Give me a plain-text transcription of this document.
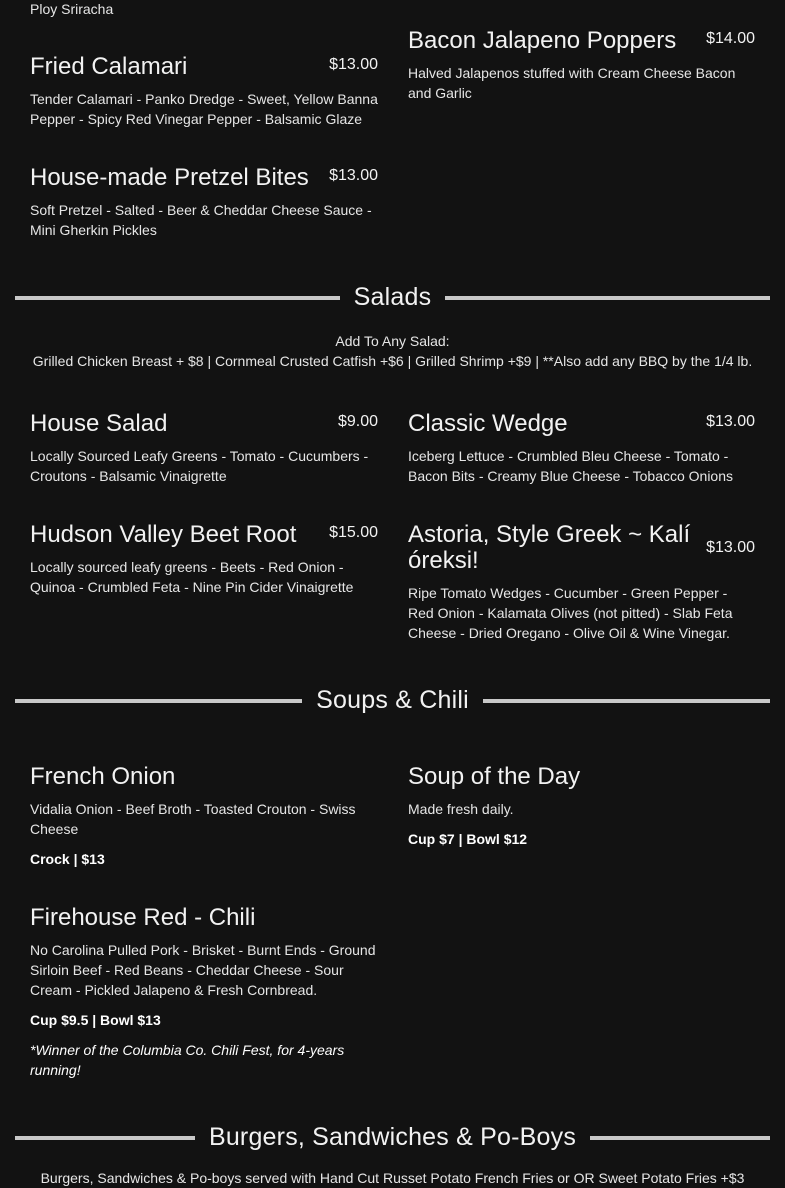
Ploy Sriracha
Fried Calamari	$13.00
Tender Calamari - Panko Dredge - Sweet, Yellow Banna Pepper - Spicy Red Vinegar Pepper - Balsamic Glaze
Bacon Jalapeno Poppers	$14.00
Halved Jalapenos stuffed with Cream Cheese Bacon and Garlic
House-made Pretzel Bites	$13.00
Soft Pretzel - Salted - Beer & Cheddar Cheese Sauce - Mini Gherkin Pickles
Salads
Add To Any Salad:
Grilled Chicken Breast + $8 | Cornmeal Crusted Catfish +$6 | Grilled Shrimp +$9 | **Also add any BBQ by the 1/4 lb.
House Salad	$9.00
Locally Sourced Leafy Greens - Tomato - Cucumbers - Croutons - Balsamic Vinaigrette
Classic Wedge	$13.00
Iceberg Lettuce - Crumbled Bleu Cheese - Tomato - Bacon Bits - Creamy Blue Cheese - Tobacco Onions
Hudson Valley Beet Root	$15.00
Locally sourced leafy greens - Beets - Red Onion - Quinoa - Crumbled Feta - Nine Pin Cider Vinaigrette
Astoria, Style Greek ~ Kalí óreksi!	$13.00
Ripe Tomato Wedges - Cucumber - Green Pepper - Red Onion - Kalamata Olives (not pitted) - Slab Feta Cheese - Dried Oregano - Olive Oil & Wine Vinegar.
Soups & Chili
French Onion
Vidalia Onion - Beef Broth - Toasted Crouton - Swiss Cheese
Crock | $13
Soup of the Day
Made fresh daily.
Cup $7 | Bowl $12
Firehouse Red - Chili
No Carolina Pulled Pork - Brisket - Burnt Ends - Ground Sirloin Beef - Red Beans - Cheddar Cheese - Sour Cream - Pickled Jalapeno & Fresh Cornbread.
Cup $9.5 | Bowl $13
*Winner of the Columbia Co. Chili Fest, for 4-years running!
Burgers, Sandwiches & Po-Boys
Burgers, Sandwiches & Po-boys served with Hand Cut Russet Potato French Fries or OR Sweet Potato Fries +$3
